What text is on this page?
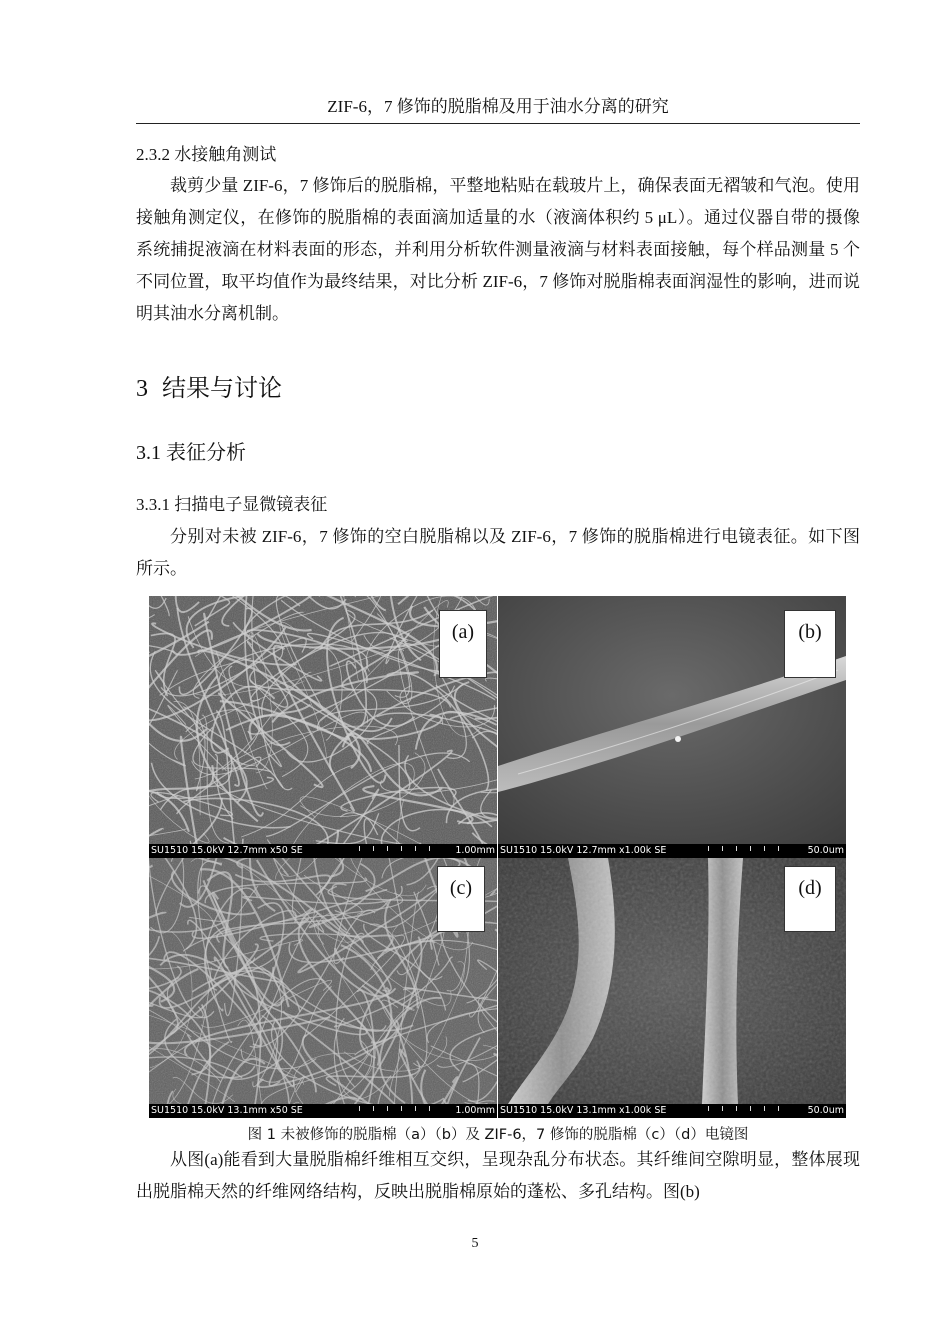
ZIF-6，7 修饰的脱脂棉及用于油水分离的研究
2.3.2 水接触角测试

裁剪少量 ZIF-6，7 修饰后的脱脂棉，平整地粘贴在载玻片上，确保表面无褶皱和气泡。使用接触角测定仪，在修饰的脱脂棉的表面滴加适量的水（液滴体积约 5 μL）。通过仪器自带的摄像系统捕捉液滴在材料表面的形态，并利用分析软件测量液滴与材料表面接触，每个样品测量 5 个不同位置，取平均值作为最终结果，对比分析 ZIF-6，7 修饰对脱脂棉表面润湿性的影响，进而说明其油水分离机制。

3 结果与讨论
3.1 表征分析
3.3.1 扫描电子显微镜表征

分别对未被 ZIF-6，7 修饰的空白脱脂棉以及 ZIF-6，7 修饰的脱脂棉进行电镜表征。如下图所示。

(a)
SU1510 15.0kV 12.7mm x50 SE	1.00mm
(b)
SU1510 15.0kV 12.7mm x1.00k SE	50.0um
(c)
SU1510 15.0kV 13.1mm x50 SE	1.00mm
(d)
SU1510 15.0kV 13.1mm x1.00k SE	50.0um
图 1 未被修饰的脱脂棉（a）（b）及 ZIF-6，7 修饰的脱脂棉（c）（d）电镜图

从图(a)能看到大量脱脂棉纤维相互交织，呈现杂乱分布状态。其纤维间空隙明显，整体展现出脱脂棉天然的纤维网络结构，反映出脱脂棉原始的蓬松、多孔结构。图(b)

5
